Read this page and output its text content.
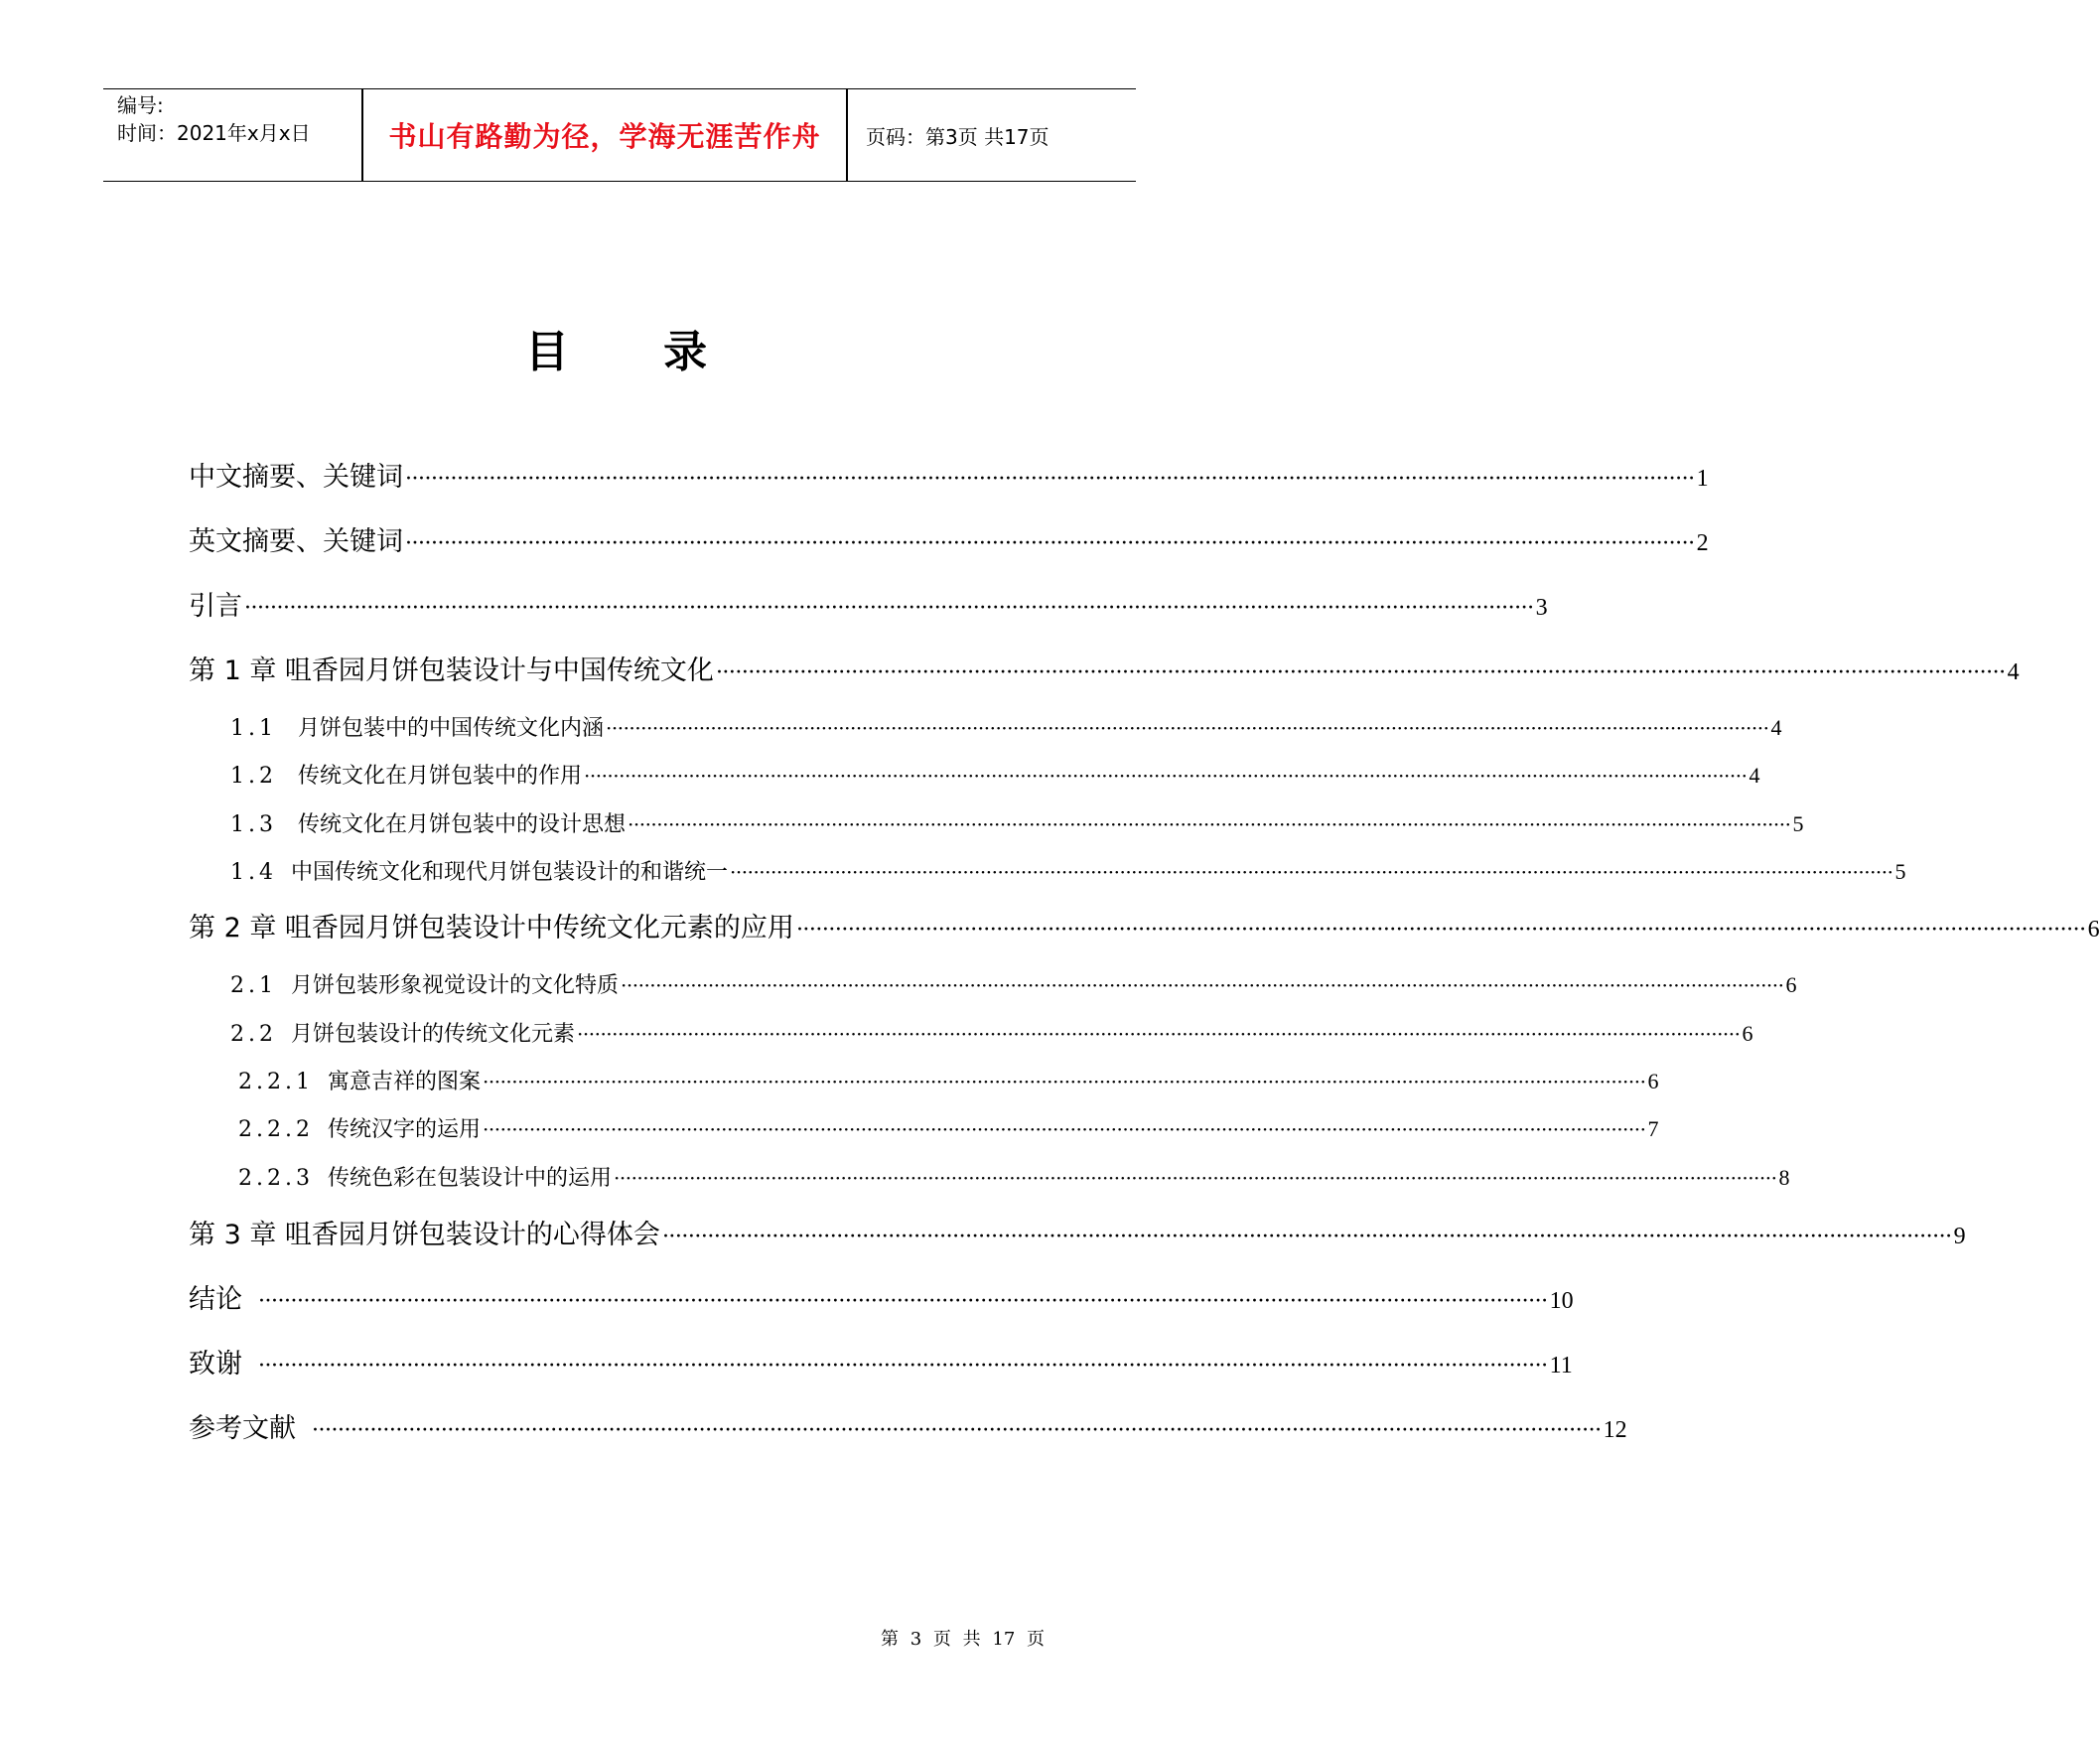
编号:
时间：2021年x月x日	书山有路勤为径，学海无涯苦作舟	页码：第3页 共17页
目 录
中文摘要、关键词 ········································································································································································································ 1
英文摘要、关键词 ········································································································································································································ 2
引言 ········································································································································································································ 3
第 1 章 咀香园月饼包装设计与中国传统文化 ········································································································································································································ 4
1.1 月饼包装中的中国传统文化内涵 ········································································································································································································ 4
1.2 传统文化在月饼包装中的作用 ········································································································································································································ 4
1.3 传统文化在月饼包装中的设计思想 ········································································································································································································ 5
1.4 中国传统文化和现代月饼包装设计的和谐统一 ········································································································································································································ 5
第 2 章 咀香园月饼包装设计中传统文化元素的应用 ········································································································································································································ 6
2.1 月饼包装形象视觉设计的文化特质 ········································································································································································································ 6
2.2 月饼包装设计的传统文化元素 ········································································································································································································ 6
2.2.1 寓意吉祥的图案 ········································································································································································································ 6
2.2.2 传统汉字的运用 ········································································································································································································ 7
2.2.3 传统色彩在包装设计中的运用 ········································································································································································································ 8
第 3 章 咀香园月饼包装设计的心得体会 ········································································································································································································ 9
结论 ········································································································································································································ 10
致谢 ········································································································································································································ 11
参考文献 ········································································································································································································ 12
第 3 页 共 17 页
